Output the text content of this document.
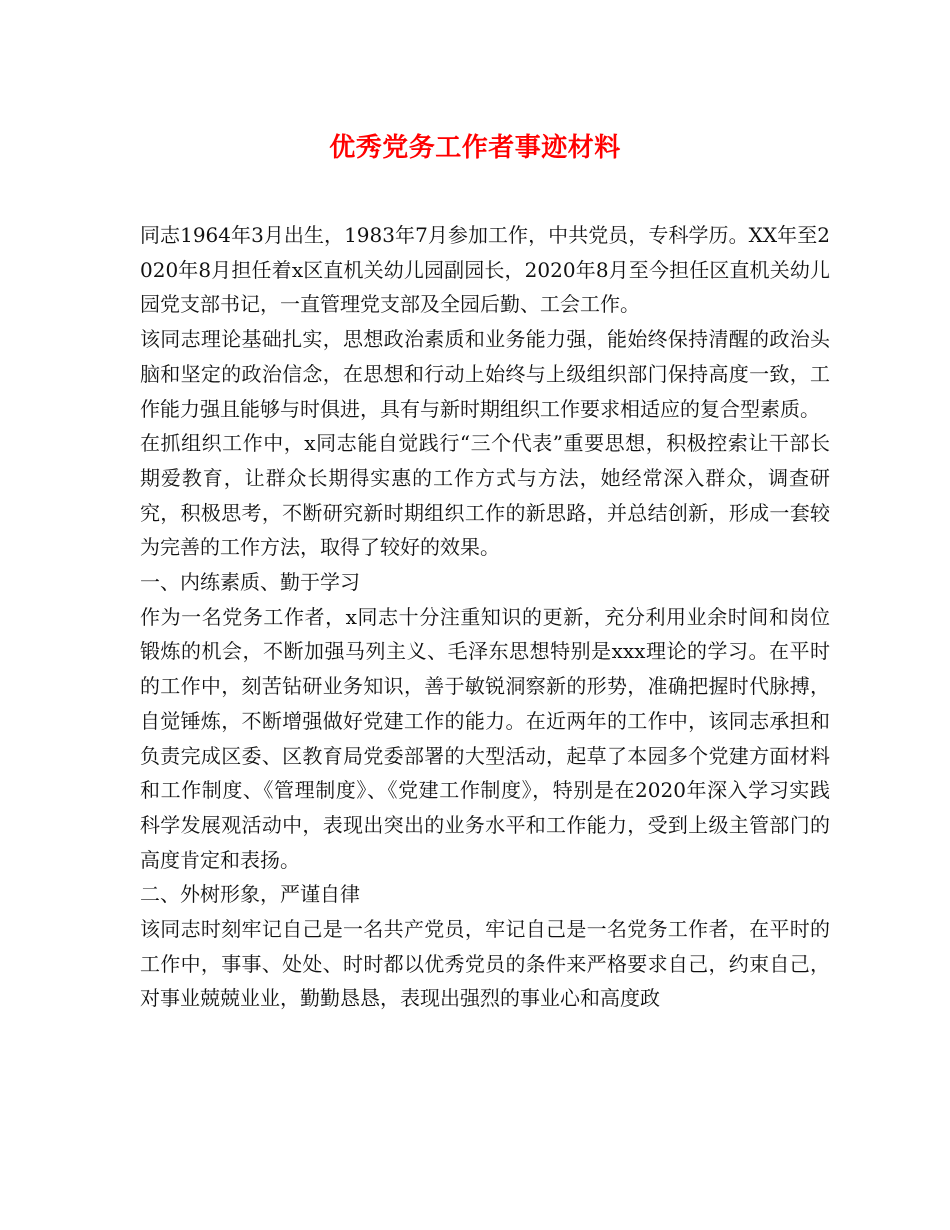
优秀党务工作者事迹材料

同志1964年3月出生，1983年7月参加工作，中共党员，专科学历。XX年至2020年8月担任着x区直机关幼儿园副园长，2020年8月至今担任区直机关幼儿园党支部书记，一直管理党支部及全园后勤、工会工作。

该同志理论基础扎实，思想政治素质和业务能力强，能始终保持清醒的政治头脑和坚定的政治信念，在思想和行动上始终与上级组织部门保持高度一致，工作能力强且能够与时俱进，具有与新时期组织工作要求相适应的复合型素质。

在抓组织工作中，x同志能自觉践行“三个代表”重要思想，积极控索让干部长期爱教育，让群众长期得实惠的工作方式与方法，她经常深入群众，调查研究，积极思考，不断研究新时期组织工作的新思路，并总结创新，形成一套较为完善的工作方法，取得了较好的效果。

一、内练素质、勤于学习

作为一名党务工作者，x同志十分注重知识的更新，充分利用业余时间和岗位锻炼的机会，不断加强马列主义、毛泽东思想特别是xxx理论的学习。在平时的工作中，刻苦钻研业务知识，善于敏锐洞察新的形势，准确把握时代脉搏，自觉锤炼，不断增强做好党建工作的能力。在近两年的工作中，该同志承担和负责完成区委、区教育局党委部署的大型活动，起草了本园多个党建方面材料和工作制度、《管理制度》、《党建工作制度》，特别是在2020年深入学习实践科学发展观活动中，表现出突出的业务水平和工作能力，受到上级主管部门的高度肯定和表扬。

二、外树形象，严谨自律

该同志时刻牢记自己是一名共产党员，牢记自己是一名党务工作者，在平时的工作中，事事、处处、时时都以优秀党员的条件来严格要求自己，约束自己，对事业兢兢业业，勤勤恳恳，表现出强烈的事业心和高度政
